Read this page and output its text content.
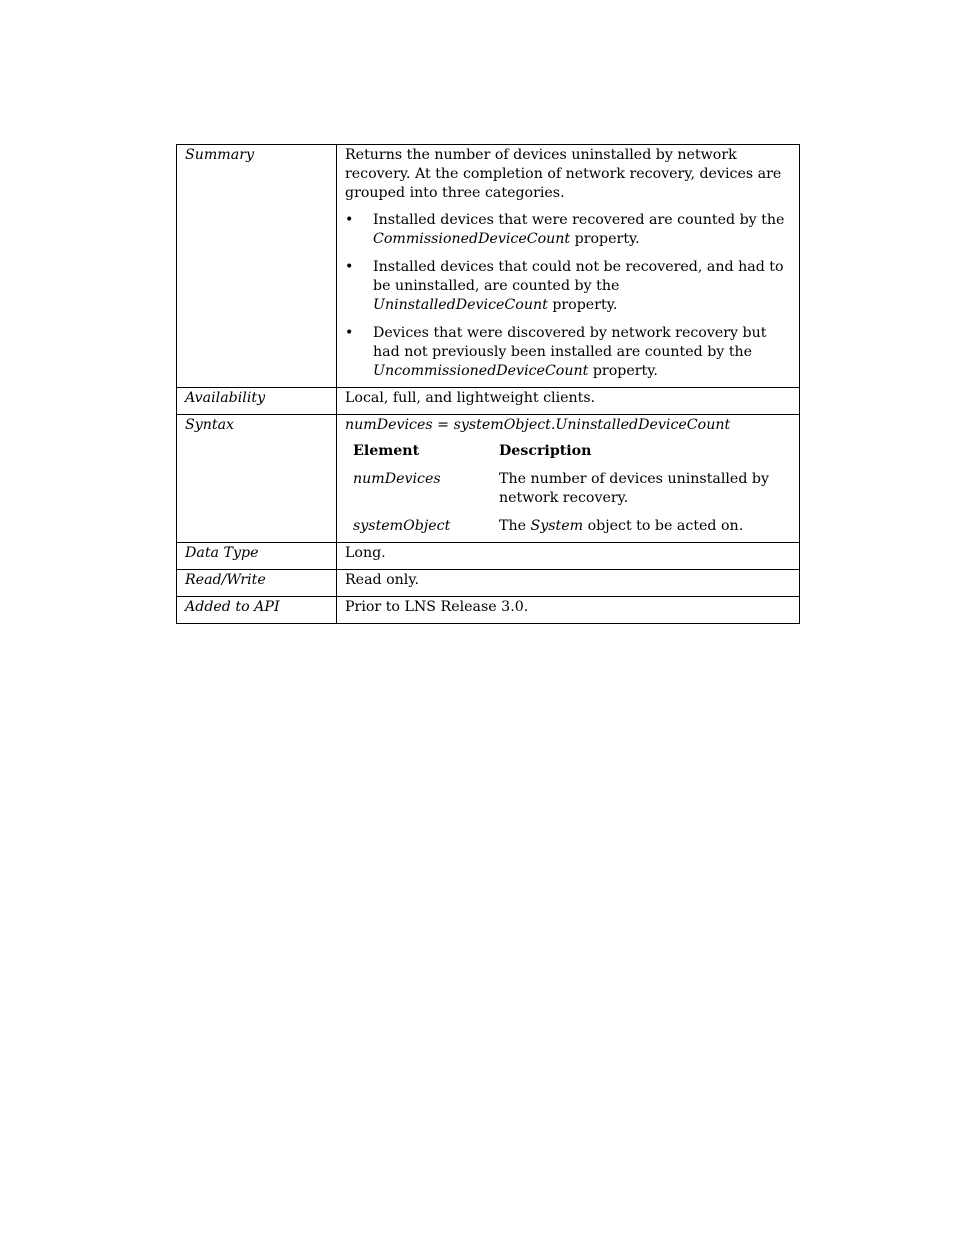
Summary	Returns the number of devices uninstalled by network recovery. At the completion of network recovery, devices are grouped into three categories.

•	Installed devices that were recovered are counted by the CommissionedDeviceCount property.
•	Installed devices that could not be recovered, and had to be uninstalled, are counted by the UninstalledDeviceCount property.
•	Devices that were discovered by network recovery but had not previously been installed are counted by the UncommissionedDeviceCount property.

Availability	Local, full, and lightweight clients.
Syntax	numDevices = systemObject.UninstalledDeviceCount

Element	Description
numDevices	The number of devices uninstalled by network recovery.
systemObject	The System object to be acted on.

Data Type	Long.
Read/Write	Read only.
Added to API	Prior to LNS Release 3.0.
